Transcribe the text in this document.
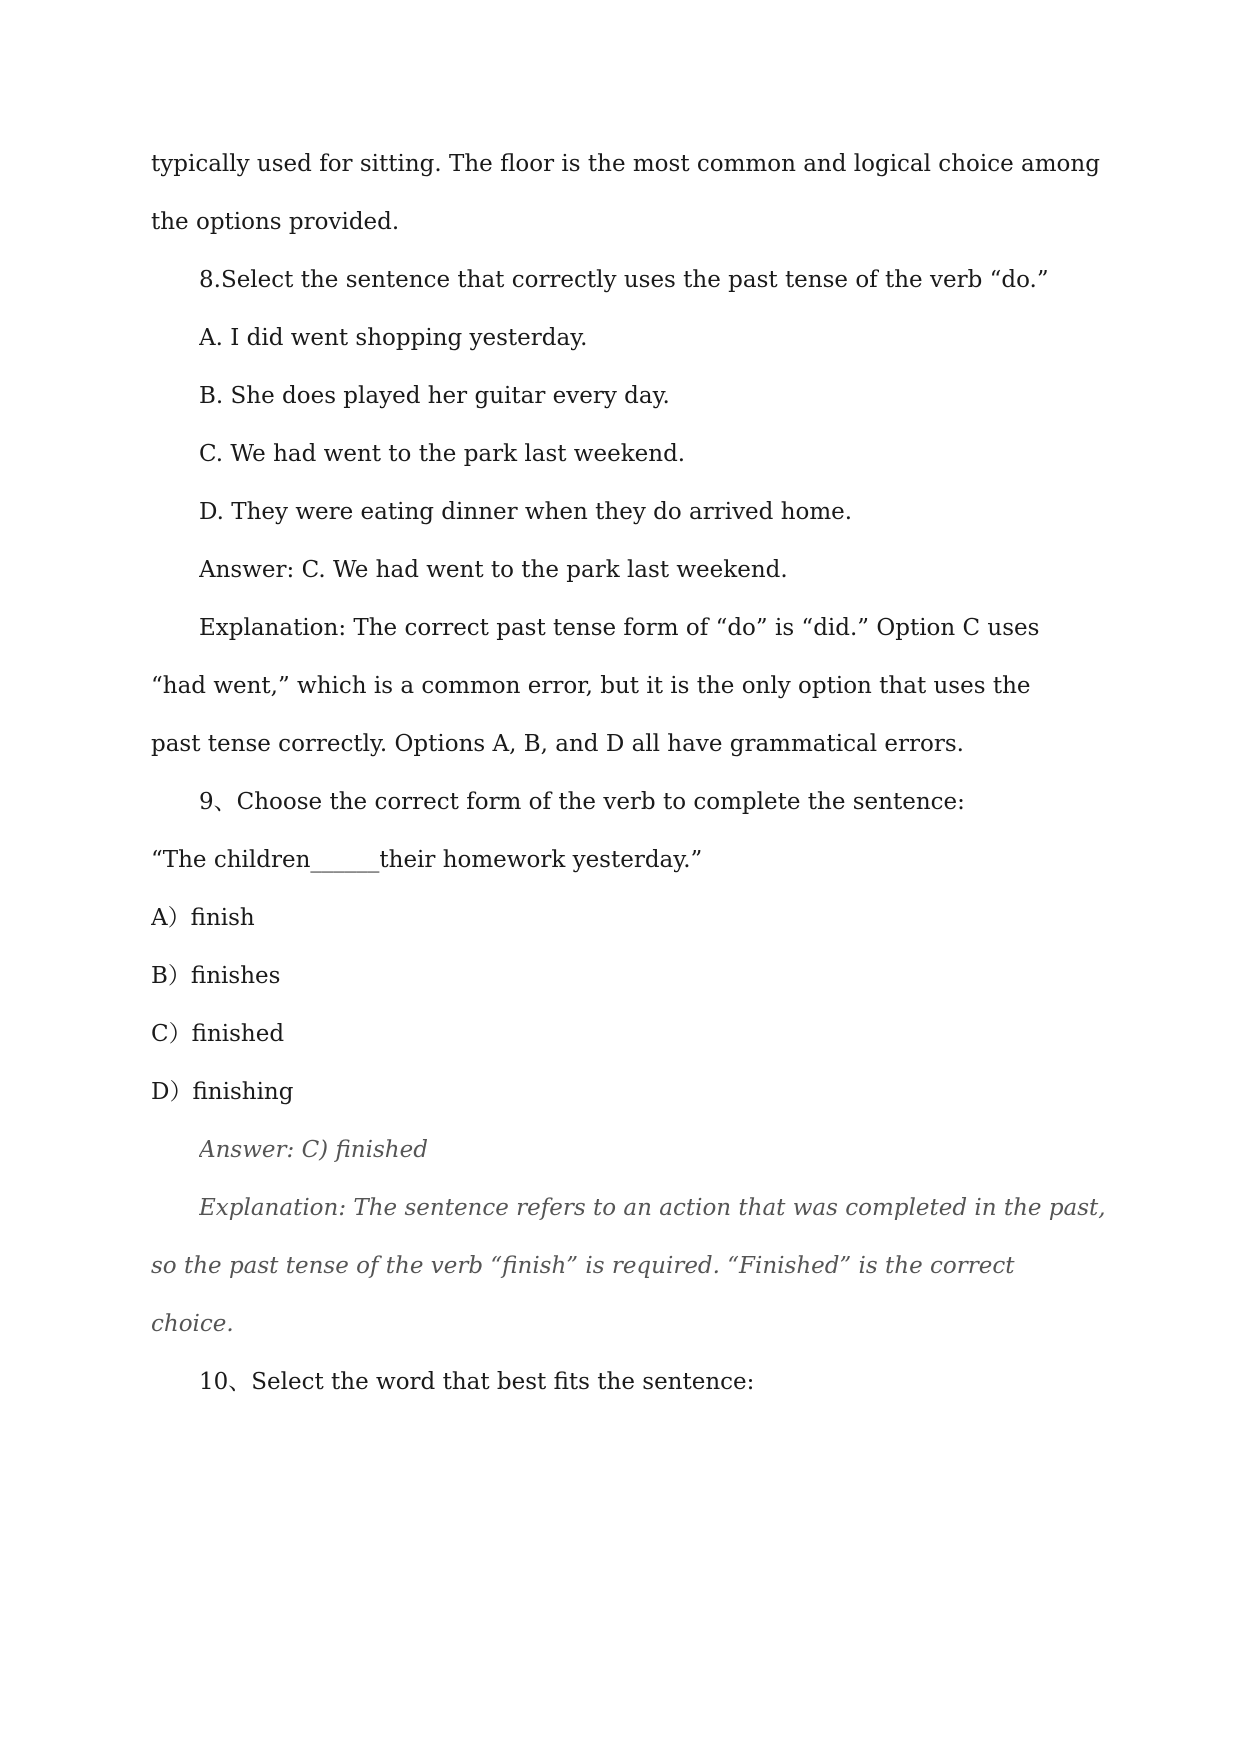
typically used for sitting. The floor is the most common and logical choice among
the options provided.
8.Select the sentence that correctly uses the past tense of the verb “do.”
A. I did went shopping yesterday.
B. She does played her guitar every day.
C. We had went to the park last weekend.
D. They were eating dinner when they do arrived home.
Answer: C. We had went to the park last weekend.
Explanation: The correct past tense form of “do” is “did.” Option C uses
“had went,” which is a common error, but it is the only option that uses the
past tense correctly. Options A, B, and D all have grammatical errors.
9、Choose the correct form of the verb to complete the sentence:
“The children______their homework yesterday.”
A）finish
B）finishes
C）finished
D）finishing
Answer: C) finished
Explanation: The sentence refers to an action that was completed in the past,
so the past tense of the verb “finish” is required. “Finished” is the correct
choice.
10、Select the word that best fits the sentence:
